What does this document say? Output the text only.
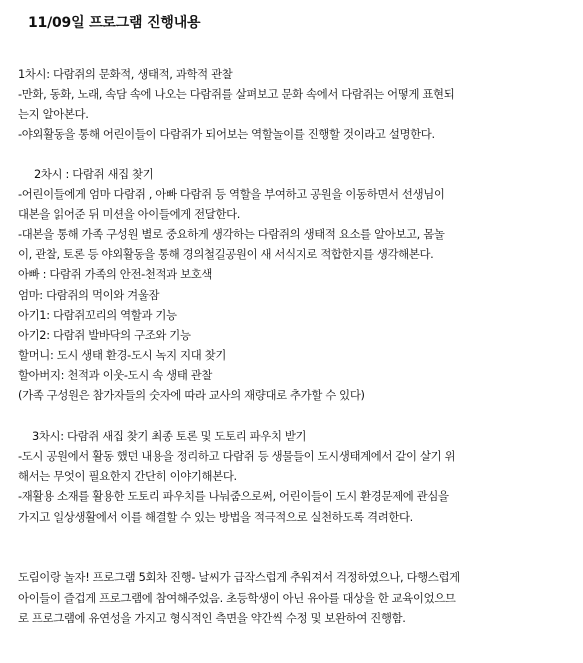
11/09일 프로그램 진행내용
1차시: 다람쥐의 문화적, 생태적, 과학적 관찰
-만화, 동화, 노래, 속담 속에 나오는 다람쥐를 살펴보고 문화 속에서 다람쥐는 어떻게 표현되
는지 알아본다.
-야외활동을 통해 어린이들이 다람쥐가 되어보는 역할놀이를 진행할 것이라고 설명한다.
2차시 : 다람쥐 새집 찾기
-어린이들에게 엄마 다람쥐 , 아빠 다람쥐 등 역할을 부여하고 공원을 이동하면서 선생님이
대본을 읽어준 뒤 미션을 아이들에게 전달한다.
-대본을 통해 가족 구성원 별로 중요하게 생각하는 다람쥐의 생태적 요소를 알아보고, 몸놀
이, 관찰, 토론 등 야외활동을 통해 경의철길공원이 새 서식지로 적합한지를 생각해본다.
아빠 : 다람쥐 가족의 안전-천적과 보호색
엄마: 다람쥐의 먹이와 겨울잠
아기1: 다람쥐꼬리의 역할과 기능
아기2: 다람쥐 발바닥의 구조와 기능
할머니: 도시 생태 환경-도시 녹지 지대 찾기
할아버지: 천적과 이웃-도시 속 생태 관찰
(가족 구성원은 참가자들의 숫자에 따라 교사의 재량대로 추가할 수 있다)
3차시: 다람쥐 새집 찾기 최종 토론 및 도토리 파우치 받기
-도시 공원에서 활동 했던 내용을 정리하고 다람쥐 등 생물들이 도시생태계에서 같이 살기 위
해서는 무엇이 필요한지 간단히 이야기해본다.
-재활용 소재를 활용한 도토리 파우치를 나눠줌으로써, 어린이들이 도시 환경문제에 관심을
가지고 일상생활에서 이를 해결할 수 있는 방법을 적극적으로 실천하도록 격려한다.
도림이랑 놀자! 프로그램 5회차 진행- 날씨가 급작스럽게 추워져서 걱정하였으나, 다행스럽게
아이들이 즐겁게 프로그램에 참여해주었음. 초등학생이 아닌 유아를 대상을 한 교육이었으므
로 프로그램에 유연성을 가지고 형식적인 측면을 약간씩 수정 및 보완하여 진행함.
